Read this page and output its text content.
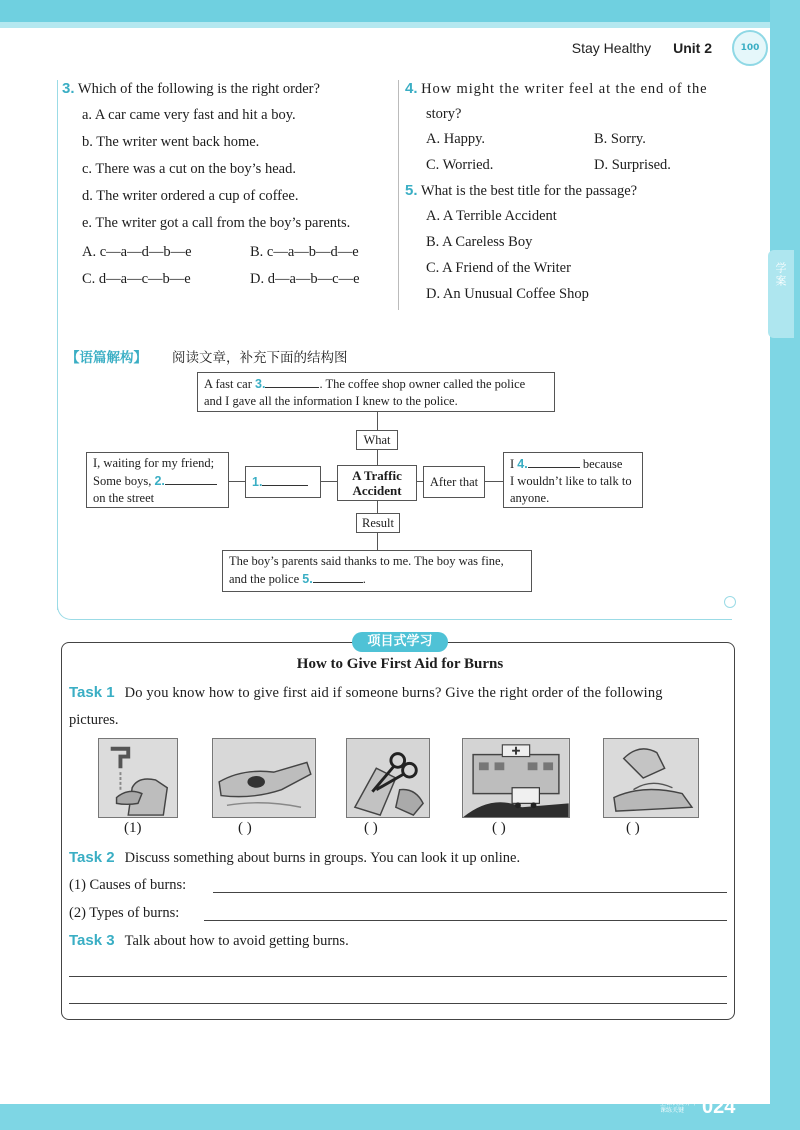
学案
Stay Healthy Unit 2	100
3. Which of the following is the right order?
a. A car came very fast and hit a boy.
b. The writer went back home.
c. There was a cut on the boy’s head.
d. The writer ordered a cup of coffee.
e. The writer got a call from the boy’s parents.
A. c—a—d—b—e	B. c—a—b—d—e
C. d—a—c—b—e	D. d—a—b—c—e
4. How might the writer feel at the end of the
story?
A. Happy.	B. Sorry.
C. Worried.	D. Surprised.
5. What is the best title for the passage?
A. A Terrible Accident
B. A Careless Boy
C. A Friend of the Writer
D. An Unusual Coffee Shop
【语篇解构】 阅读文章，补充下面的结构图
A fast car 3.	. The coffee shop owner called the police
and I gave all the information I knew to the police.
What
I, waiting for my friend;
Some boys, 2.
on the street
1.	A Traffic
Accident
After that
I 4.	because
I wouldn’t like to talk to
anyone.
Result
The boy’s parents said thanks to me. The boy was fine,
and the police 5.	.
项目式学习
How to Give First Aid for Burns
Task 1 Do you know how to give first aid if someone burns? Give the right order of the following
pictures.
(1)	( )	( )	( )	( )
Task 2 Discuss something about burns in groups. You can look it up online.
(1) Causes of burns:
(2) Types of burns:
Task 3 Talk about how to avoid getting burns.
上课认真听 下课练关键 024
